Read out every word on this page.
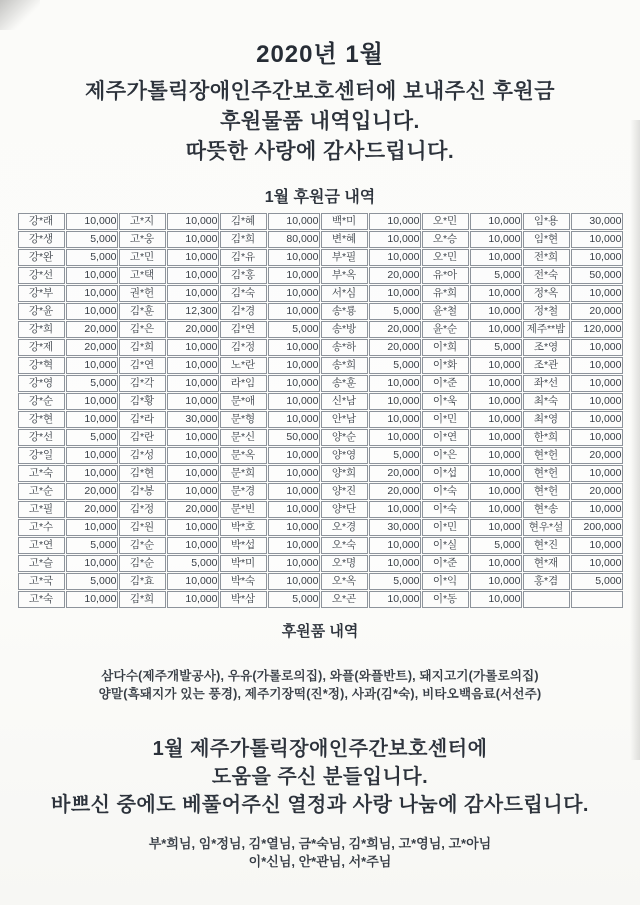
2020년 1월
제주가톨릭장애인주간보호센터에 보내주신 후원금
후원물품 내역입니다.
따뜻한 사랑에 감사드립니다.
1월 후원금 내역
강*래	10,000	고*지	10,000	김*혜	10,000	백*미	10,000	오*민	10,000	임*용	30,000
강*생	5,000	고*웅	10,000	김*희	80,000	변*혜	10,000	오*승	10,000	임*현	10,000
강*완	5,000	고*민	10,000	김*유	10,000	부*필	10,000	오*민	10,000	전*희	10,000
강*선	10,000	고*택	10,000	김*홍	10,000	부*옥	20,000	유*아	5,000	전*숙	50,000
강*부	10,000	권*헌	10,000	김*숙	10,000	서*심	10,000	유*희	10,000	정*옥	10,000
강*윤	10,000	김*훈	12,300	김*경	10,000	송*룡	5,000	윤*철	10,000	정*철	20,000
강*희	20,000	김*은	20,000	김*연	5,000	송*방	20,000	윤*순	10,000	제주**밤	120,000
강*제	20,000	김*희	10,000	김*정	10,000	송*하	20,000	이*희	5,000	조*영	10,000
강*혁	10,000	김*연	10,000	노*란	10,000	송*희	5,000	이*화	10,000	조*관	10,000
강*영	5,000	김*각	10,000	라*임	10,000	송*훈	10,000	이*준	10,000	좌*선	10,000
강*순	10,000	김*황	10,000	문*애	10,000	신*남	10,000	이*욱	10,000	최*숙	10,000
강*현	10,000	김*라	30,000	문*형	10,000	안*남	10,000	이*민	10,000	최*영	10,000
강*선	5,000	김*란	10,000	문*신	50,000	양*순	10,000	이*연	10,000	한*희	10,000
강*일	10,000	김*성	10,000	문*옥	10,000	양*영	5,000	이*은	10,000	현*헌	20,000
고*숙	10,000	김*현	10,000	문*희	10,000	양*희	20,000	이*섭	10,000	현*헌	10,000
고*순	20,000	김*봉	10,000	문*경	10,000	양*진	20,000	이*숙	10,000	현*헌	20,000
고*필	20,000	김*정	20,000	문*빈	10,000	양*단	10,000	이*숙	10,000	현*송	10,000
고*수	10,000	김*원	10,000	박*호	10,000	오*경	30,000	이*민	10,000	현우*설	200,000
고*연	5,000	김*순	10,000	박*섭	10,000	오*숙	10,000	이*실	5,000	현*진	10,000
고*슬	10,000	김*순	5,000	박*미	10,000	오*명	10,000	이*준	10,000	현*재	10,000
고*국	5,000	김*효	10,000	박*숙	10,000	오*옥	5,000	이*익	10,000	홍*겸	5,000
고*숙	10,000	김*희	10,000	박*삼	5,000	오*곤	10,000	이*동	10,000		
후원품 내역
삼다수(제주개발공사), 우유(가롤로의집), 와플(와플반트), 돼지고기(가롤로의집)
양말(흑돼지가 있는 풍경), 제주기장떡(진*정), 사과(김*숙), 비타오백음료(서선주)
1월 제주가톨릭장애인주간보호센터에
도움을 주신 분들입니다.
바쁘신 중에도 베풀어주신 열정과 사랑 나눔에 감사드립니다.
부*희님, 임*정님, 김*열님, 금*숙님, 김*희님, 고*영님, 고*아님
이*신님, 안*관님, 서*주님
